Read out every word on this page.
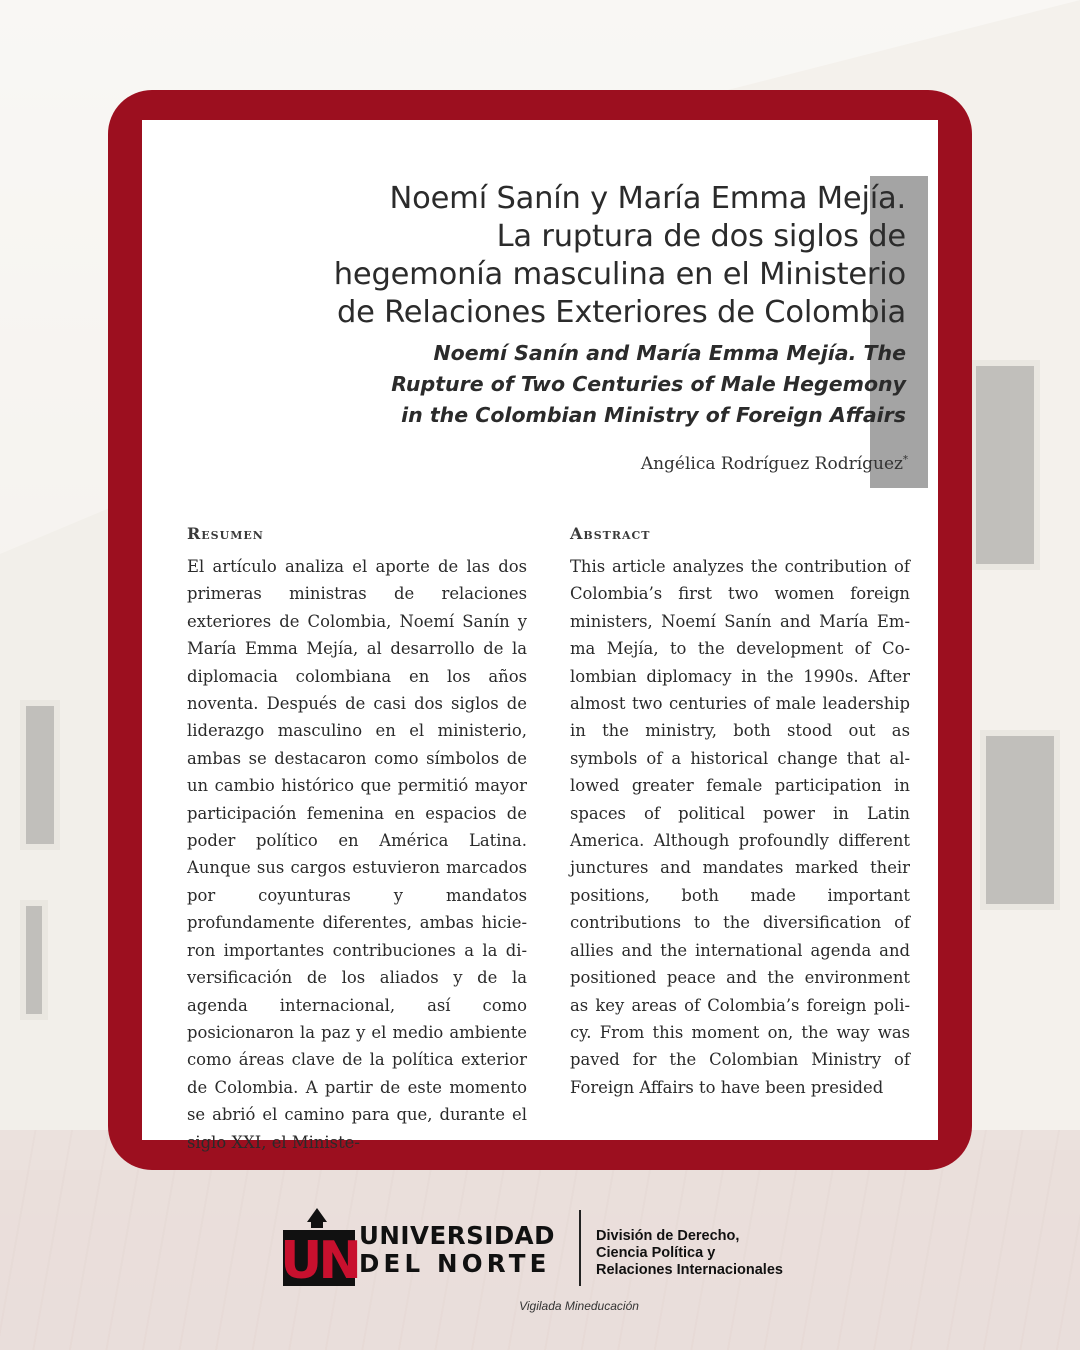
Noemí Sanín y María Emma Mejía.
La ruptura de dos siglos de
hegemonía masculina en el Ministerio
de Relaciones Exteriores de Colombia
Noemí Sanín and María Emma Mejía. The
Rupture of Two Centuries of Male Hegemony
in the Colombian Ministry of Foreign Affairs
Angélica Rodríguez Rodríguez*
Resumen

El artículo analiza el aporte de las dos primeras ministras de relaciones exteriores de Colombia, Noemí Sanín y María Emma Mejía, al desarrollo de la diplomacia colombiana en los años noventa. Después de casi dos siglos de liderazgo masculino en el ministerio, ambas se destacaron como símbolos de un cambio histórico que permitió mayor participación femenina en espacios de poder político en América Latina. Aunque sus cargos estuvieron marcados por coyunturas y mandatos profundamente diferentes, ambas hicieron importantes contribuciones a la diversificación de los aliados y de la agenda internacional, así como posicionaron la paz y el medio ambiente como áreas clave de la política exterior de Colombia. A partir de este momento se abrió el camino para que, durante el siglo XXI, el Ministe-

Abstract

This article analyzes the contribution of Colombia’s first two women foreign ministers, Noemí Sanín and María Emma Mejía, to the development of Colombian diplomacy in the 1990s. After almost two centuries of male leadership in the ministry, both stood out as symbols of a historical change that allowed greater female participation in spaces of political power in Latin America. Although profoundly different junctures and mandates marked their positions, both made important contributions to the diversification of allies and the international agenda and positioned peace and the environment as key areas of Colombia’s foreign policy. From this moment on, the way was paved for the Colombian Ministry of Foreign Affairs to have been presided

UN UNIVERSIDAD
DEL NORTE
División de Derecho,
Ciencia Política y
Relaciones Internacionales
Vigilada Mineducación
